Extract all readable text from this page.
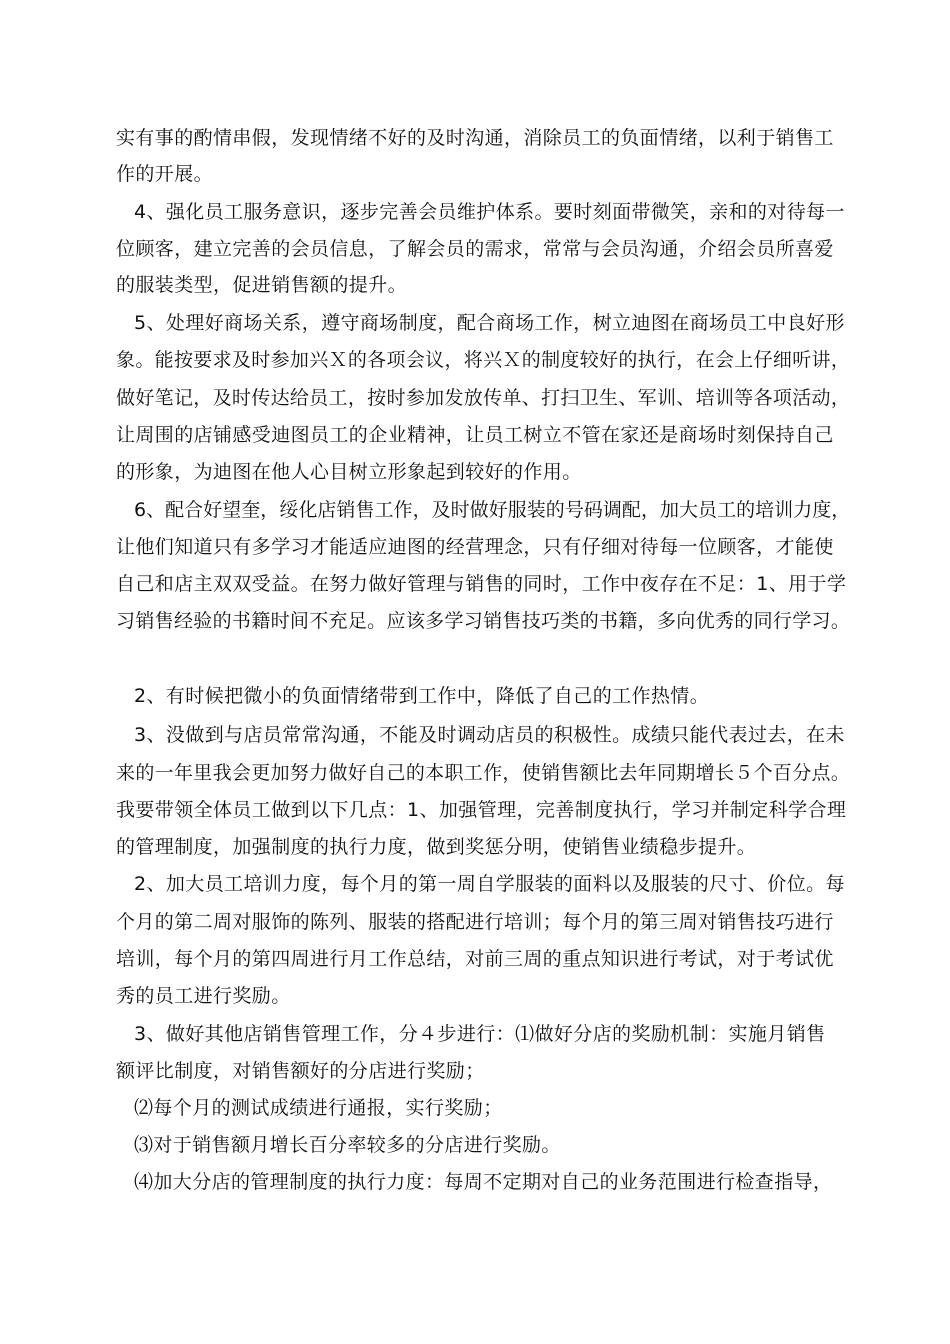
实有事的酌情串假，发现情绪不好的及时沟通，消除员工的负面情绪，以利于销售工
作的开展。
4、强化员工服务意识，逐步完善会员维护体系。要时刻面带微笑，亲和的对待每一
位顾客，建立完善的会员信息，了解会员的需求，常常与会员沟通，介绍会员所喜爱
的服装类型，促进销售额的提升。
5、处理好商场关系，遵守商场制度，配合商场工作，树立迪图在商场员工中良好形
象。能按要求及时参加兴Ｘ的各项会议，将兴Ｘ的制度较好的执行，在会上仔细听讲，
做好笔记，及时传达给员工，按时参加发放传单、打扫卫生、军训、培训等各项活动，
让周围的店铺感受迪图员工的企业精神，让员工树立不管在家还是商场时刻保持自己
的形象，为迪图在他人心目树立形象起到较好的作用。
6、配合好望奎，绥化店销售工作，及时做好服装的号码调配，加大员工的培训力度，
让他们知道只有多学习才能适应迪图的经营理念，只有仔细对待每一位顾客，才能使
自己和店主双双受益。在努力做好管理与销售的同时，工作中夜存在不足：1、用于学
习销售经验的书籍时间不充足。应该多学习销售技巧类的书籍，多向优秀的同行学习。
2、有时候把微小的负面情绪带到工作中，降低了自己的工作热情。
3、没做到与店员常常沟通，不能及时调动店员的积极性。成绩只能代表过去，在未
来的一年里我会更加努力做好自己的本职工作，使销售额比去年同期增长５个百分点。
我要带领全体员工做到以下几点：1、加强管理，完善制度执行，学习并制定科学合理
的管理制度，加强制度的执行力度，做到奖惩分明，使销售业绩稳步提升。
2、加大员工培训力度，每个月的第一周自学服装的面料以及服装的尺寸、价位。每
个月的第二周对服饰的陈列、服装的搭配进行培训；每个月的第三周对销售技巧进行
培训，每个月的第四周进行月工作总结，对前三周的重点知识进行考试，对于考试优
秀的员工进行奖励。
3、做好其他店销售管理工作，分４步进行：⑴做好分店的奖励机制：实施月销售
额评比制度，对销售额好的分店进行奖励；
⑵每个月的测试成绩进行通报，实行奖励；
⑶对于销售额月增长百分率较多的分店进行奖励。
⑷加大分店的管理制度的执行力度：每周不定期对自己的业务范围进行检查指导，
